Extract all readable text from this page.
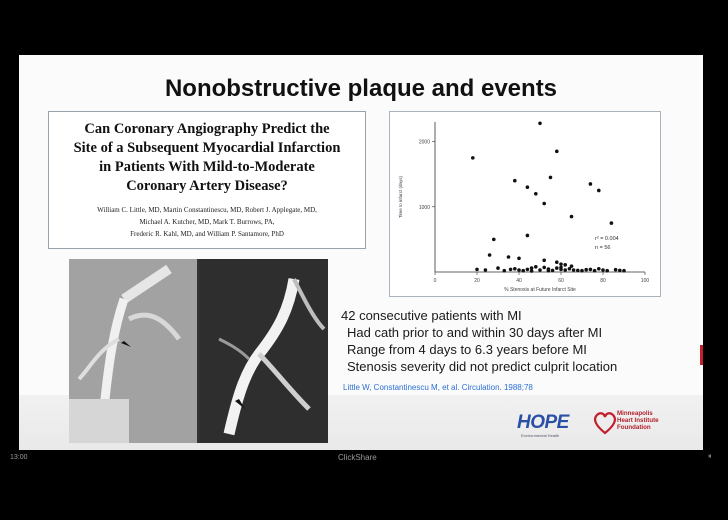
Nonobstructive plaque and events
Can Coronary Angiography Predict the
Site of a Subsequent Myocardial Infarction
in Patients With Mild-to-Moderate
Coronary Artery Disease?
William C. Little, MD, Martin Constantinescu, MD, Robert J. Applegate, MD,
Michael A. Kutcher, MD, Mark T. Burrows, PA,
Frederic R. Kahl, MD, and William P. Santamore, PhD
0	20	40	60	80	100
1000
2000
% Stenosis at Future Infarct Site
Time to infarct (days)
r² = 0.004
n = 56
42 consecutive patients with MI
Had cath prior to and within 30 days after MI
Range from 4 days to 6.3 years before MI
Stenosis severity did not predict culprit location
Little W, Constantinescu M, et al. Circulation. 1988;78
HOPE
Environmental Health
Minneapolis
Heart Institute
Foundation
13:00	ClickShare	⏸
